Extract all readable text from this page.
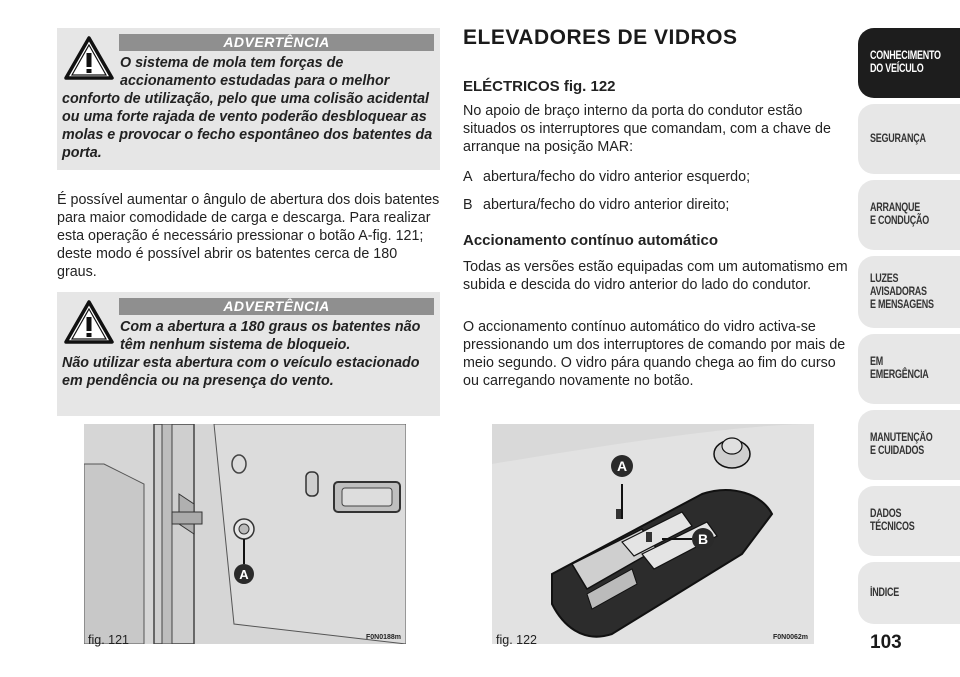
ADVERTÊNCIA
O sistema de mola tem forças de accionamento estudadas para o melhor
conforto de utilização, pelo que uma colisão acidental ou uma forte rajada de vento poderão desbloquear as molas e provocar o fecho espontâneo dos batentes da porta.
É possível aumentar o ângulo de abertura dos dois batentes para maior comodidade de carga e descarga. Para realizar esta operação é necessário pressionar o botão A-fig. 121; deste modo é possível abrir os batentes cerca de 180 graus.
ADVERTÊNCIA
Com a abertura a 180 graus os batentes não têm nenhum sistema de bloqueio.
Não utilizar esta abertura com o veículo estacionado em pendência ou na presença do vento.
A
fig. 121	F0N0188m
ELEVADORES DE VIDROS
ELÉCTRICOS fig. 122
No apoio de braço interno da porta do condutor estão situados os interruptores que comandam, com a chave de arranque na posição MAR:
A abertura/fecho do vidro anterior esquerdo;
B abertura/fecho do vidro anterior direito;
Accionamento contínuo automático
Todas as versões estão equipadas com um automatismo em subida e descida do vidro anterior do lado do condutor.
O accionamento contínuo automático do vidro activa-se pressionando um dos interruptores de comando por mais de meio segundo. O vidro pára quando chega ao fim do curso ou carregando novamente no botão.
A
B
fig. 122	F0N0062m
CONHECIMENTO
DO VEÍCULO
SEGURANÇA
ARRANQUE
E CONDUÇÃO
LUZES
AVISADORAS
E MENSAGENS
EM EMERGÊNCIA
MANUTENÇÃO
E CUIDADOS
DADOS
TÉCNICOS
ÍNDICE
103
